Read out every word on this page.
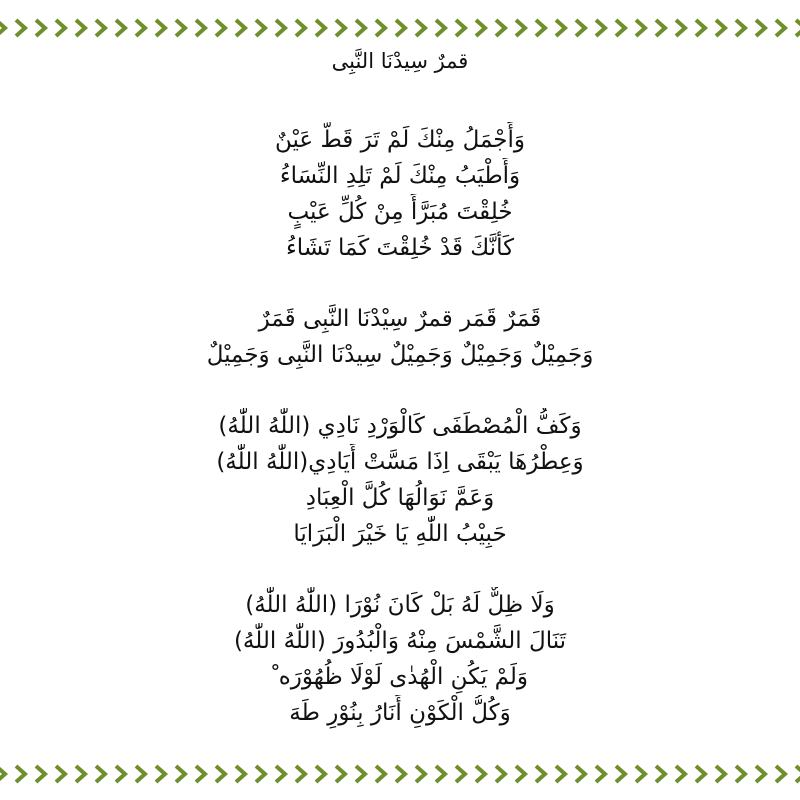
قمرٌ سِيدْنَا النَّبِى
وَأَجْمَلُ مِنْكَ لَمْ تَرَ قَطُّ عَيْنٌ
وَأَطْيَبُ مِنْكَ لَمْ تَلِدِ النِّسَاءُ
خُلِقْتَ مُبَرَّأً مِنْ كُلِّ عَيْبٍ
كَأَنَّكَ قَدْ خُلِقْتَ كَمَا تَشَاءُ
قَمَرٌ قَمَر قمرٌ سِيْدْنَا النَّبِى قَمَرٌ
وَجَمِيْلٌ وَجَمِيْلٌ وَجَمِيْلٌ سِيدْنَا النَّبِى وَجَمِيْلٌ
وَكَفُّ الْمُصْطَفَى كَالْوَرْدِ نَادِي (اللّٰهُ اللّٰهُ)
وَعِطْرُهَا يَبْقَى اِذَا مَسَّتْ أَيَادِي(اللّٰهُ اللّٰهُ)
وَعَمَّ نَوَالُهَا كُلَّ الْعِبَادِ
حَبِيْبُ اللّٰهِ يَا خَيْرَ الْبَرَايَا
وَلَا ظِلٌّ لَهُ بَلْ كَانَ نُوْرَا (اللّٰهُ اللّٰهُ)
تَنَالَ الشَّمْسَ مِنْهُ وَالْبُدُورَ (اللّٰهُ اللّٰهُ)
وَلَمْ يَكُنِ الْهُدٰى لَوْلَا ظُهُوْرَه ْ
وَكُلُّ الْكَوْنِ أَنَارُ بِنُوْرِ طَهَ
